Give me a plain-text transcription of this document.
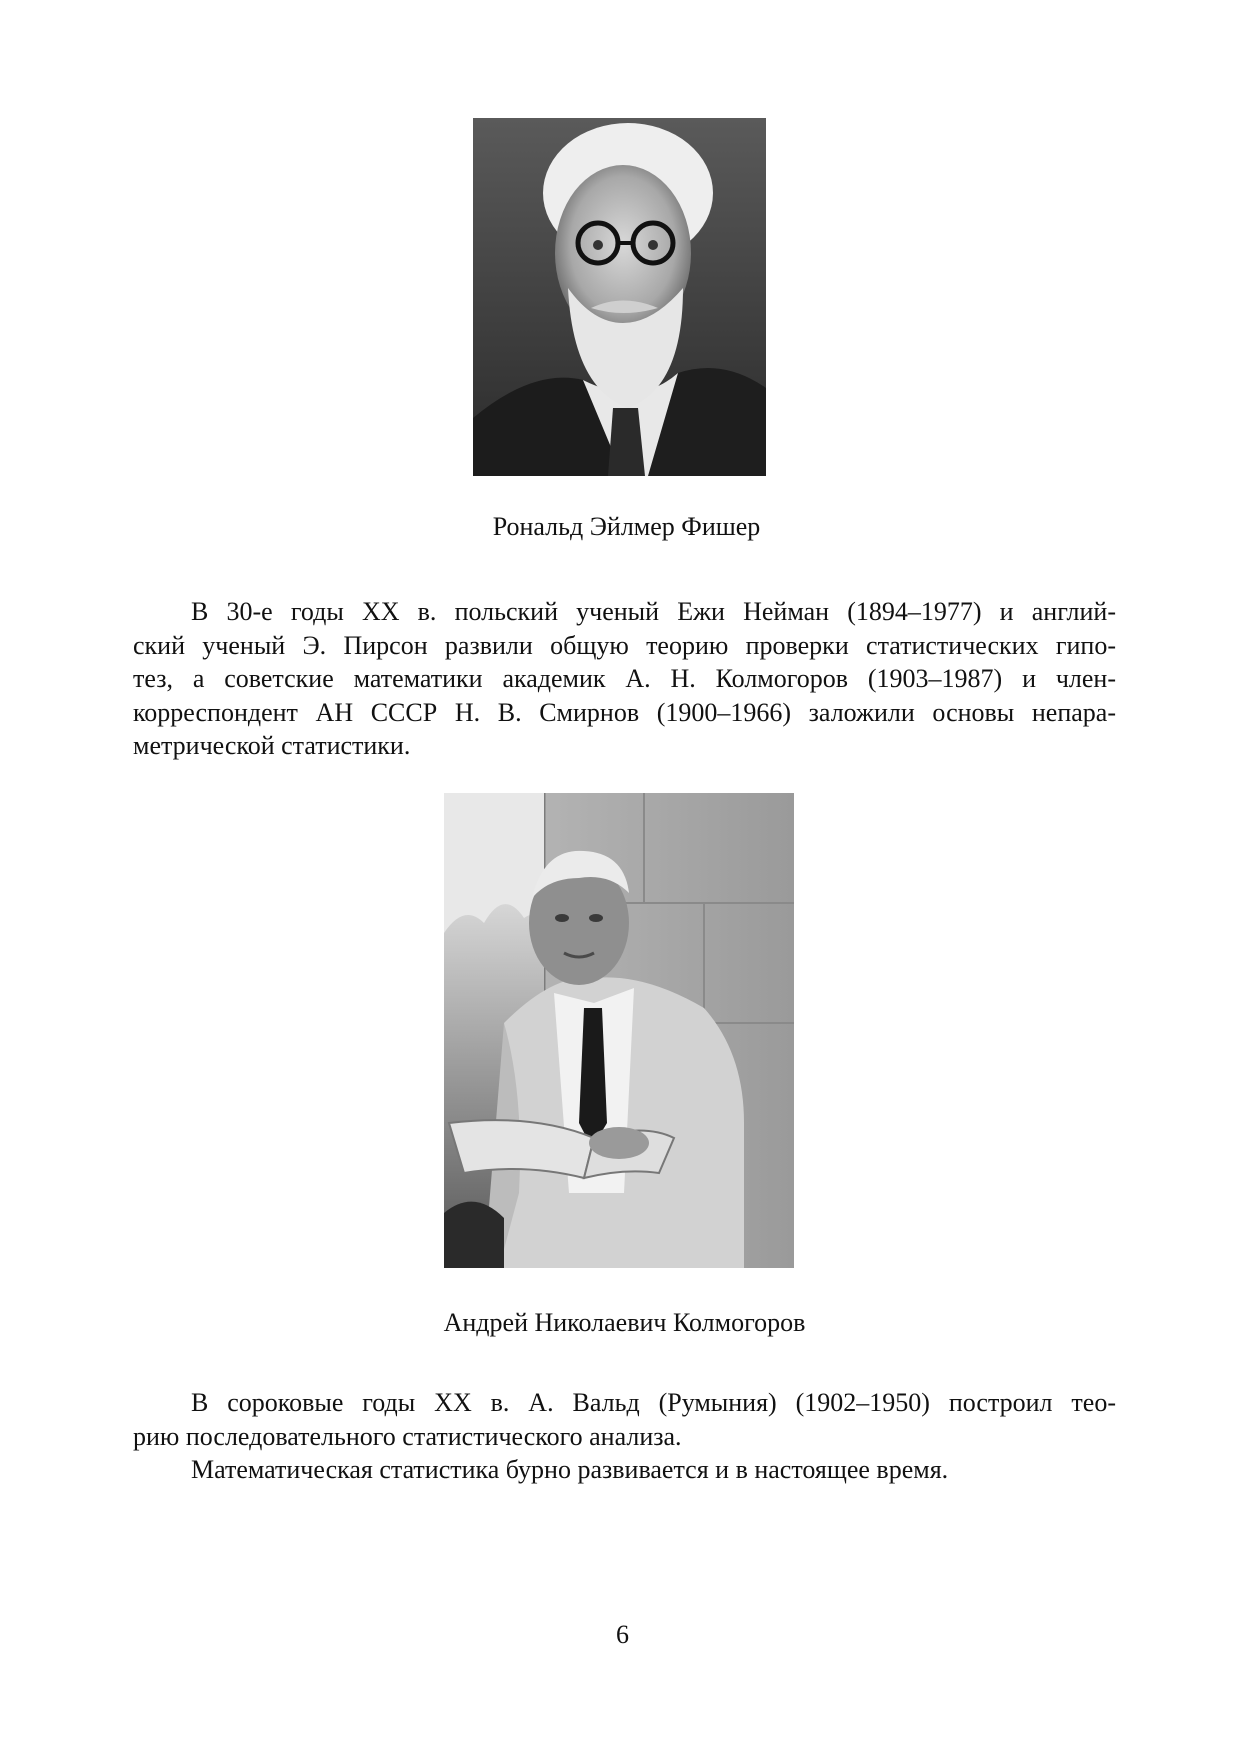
Рональд Эйлмер Фишер

В 30-е годы XX в. польский ученый Ежи Нейман (1894–1977) и англий-
ский ученый Э. Пирсон развили общую теорию проверки статистических гипо-
тез, а советские математики академик А. Н. Колмогоров (1903–1987) и член-
корреспондент АН СССР Н. В. Смирнов (1900–1966) заложили основы непара-
метрической статистики.

Андрей Николаевич Колмогоров

В сороковые годы XX в. А. Вальд (Румыния) (1902–1950) построил тео-
рию последовательного статистического анализа.
Математическая статистика бурно развивается и в настоящее время.

6
